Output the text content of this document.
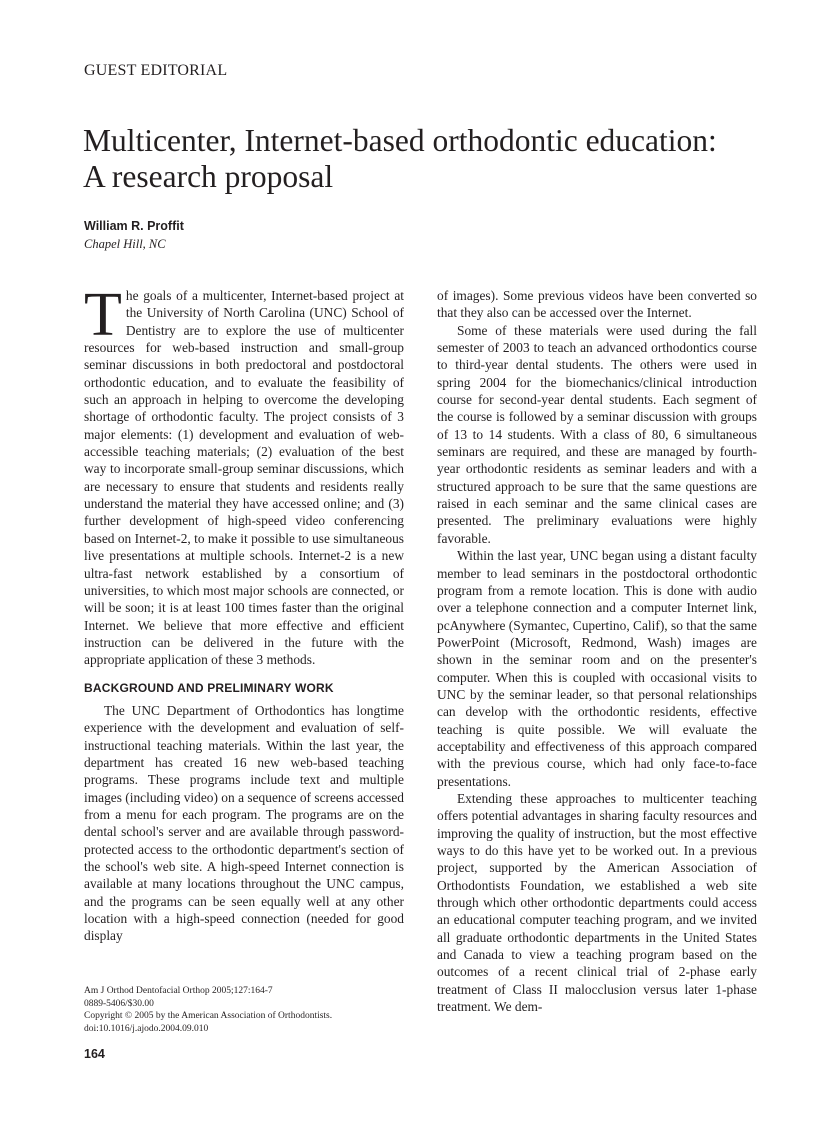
GUEST EDITORIAL
Multicenter, Internet-based orthodontic education: A research proposal
William R. Proffit
Chapel Hill, NC

The goals of a multicenter, Internet-based project at the University of North Carolina (UNC) School of Dentistry are to explore the use of multicenter resources for web-based instruction and small-group seminar discussions in both predoctoral and postdoctoral orthodontic education, and to evaluate the feasibility of such an approach in helping to overcome the developing shortage of orthodontic faculty. The project consists of 3 major elements: (1) development and evaluation of web-accessible teaching materials; (2) evaluation of the best way to incorporate small-group seminar discussions, which are necessary to ensure that students and residents really understand the material they have accessed online; and (3) further development of high-speed video conferencing based on Internet-2, to make it possible to use simultaneous live presentations at multiple schools. Internet-2 is a new ultra-fast network established by a consortium of universities, to which most major schools are connected, or will be soon; it is at least 100 times faster than the original Internet. We believe that more effective and efficient instruction can be delivered in the future with the appropriate application of these 3 methods.

BACKGROUND AND PRELIMINARY WORK

The UNC Department of Orthodontics has longtime experience with the development and evaluation of self-instructional teaching materials. Within the last year, the department has created 16 new web-based teaching programs. These programs include text and multiple images (including video) on a sequence of screens accessed from a menu for each program. The programs are on the dental school's server and are available through password-protected access to the orthodontic department's section of the school's web site. A high-speed Internet connection is available at many locations throughout the UNC campus, and the programs can be seen equally well at any other location with a high-speed connection (needed for good display

of images). Some previous videos have been converted so that they also can be accessed over the Internet.

Some of these materials were used during the fall semester of 2003 to teach an advanced orthodontics course to third-year dental students. The others were used in spring 2004 for the biomechanics/clinical introduction course for second-year dental students. Each segment of the course is followed by a seminar discussion with groups of 13 to 14 students. With a class of 80, 6 simultaneous seminars are required, and these are managed by fourth-year orthodontic residents as seminar leaders and with a structured approach to be sure that the same questions are raised in each seminar and the same clinical cases are presented. The preliminary evaluations were highly favorable.

Within the last year, UNC began using a distant faculty member to lead seminars in the postdoctoral orthodontic program from a remote location. This is done with audio over a telephone connection and a computer Internet link, pcAnywhere (Symantec, Cupertino, Calif), so that the same PowerPoint (Microsoft, Redmond, Wash) images are shown in the seminar room and on the presenter's computer. When this is coupled with occasional visits to UNC by the seminar leader, so that personal relationships can develop with the orthodontic residents, effective teaching is quite possible. We will evaluate the acceptability and effectiveness of this approach compared with the previous course, which had only face-to-face presentations.

Extending these approaches to multicenter teaching offers potential advantages in sharing faculty resources and improving the quality of instruction, but the most effective ways to do this have yet to be worked out. In a previous project, supported by the American Association of Orthodontists Foundation, we established a web site through which other orthodontic departments could access an educational computer teaching program, and we invited all graduate orthodontic departments in the United States and Canada to view a teaching program based on the outcomes of a recent clinical trial of 2-phase early treatment of Class II malocclusion versus later 1-phase treatment. We dem-

Am J Orthod Dentofacial Orthop 2005;127:164-7
0889-5406/$30.00
Copyright © 2005 by the American Association of Orthodontists.
doi:10.1016/j.ajodo.2004.09.010
164
